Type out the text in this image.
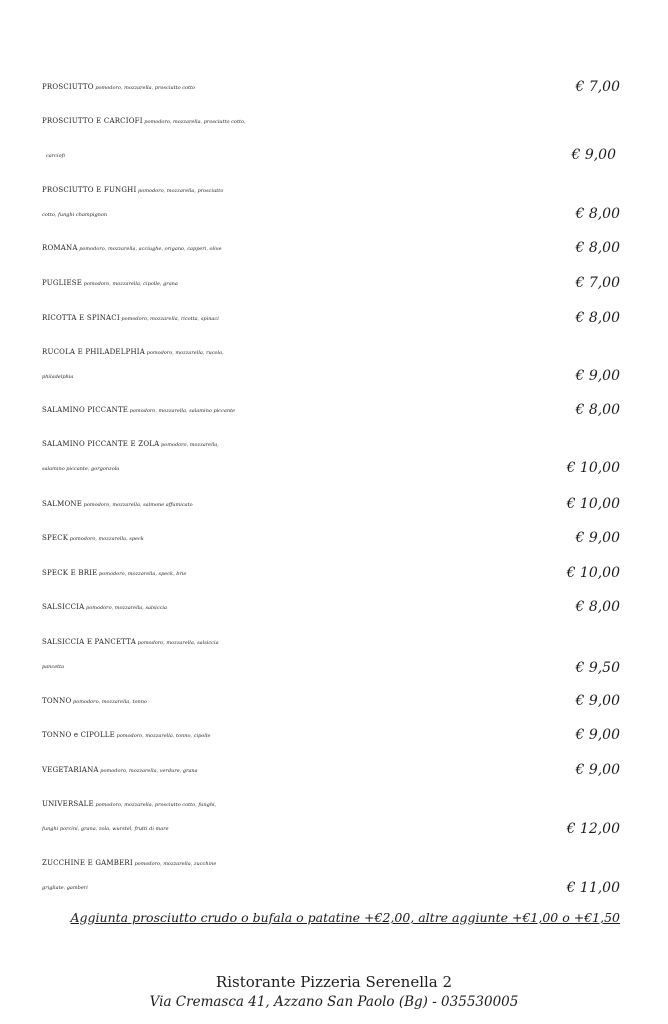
PROSCIUTTO pomodoro, mozzarella, prosciutto cotto	€ 7,00
PROSCIUTTO E CARCIOFI pomodoro, mozzarella, prosciutto cotto,
carciofi	€ 9,00
PROSCIUTTO E FUNGHI pomodoro, mozzarella, prosciutto
cotto, funghi champignon	€ 8,00
ROMANA pomodoro, mozzarella, acciughe, origano, capperi, olive	€ 8,00
PUGLIESE pomodoro, mozzarella, cipolle, grana	€ 7,00
RICOTTA E SPINACI pomodoro, mozzarella, ricotta, spinaci	€ 8,00
RUCOLA E PHILADELPHIA pomodoro, mozzarella, rucola,
philadelphia	€ 9,00
SALAMINO PICCANTE pomodoro, mozzarella, salamino piccante	€ 8,00
SALAMINO PICCANTE E ZOLA pomodoro, mozzarella,
salamino piccante, gorgonzola	€ 10,00
SALMONE pomodoro, mozzarella, salmone affumicato	€ 10,00
SPECK pomodoro, mozzarella, speck	€ 9,00
SPECK E BRIE pomodoro, mozzarella, speck, brie	€ 10,00
SALSICCIA pomodoro, mozzarella, salsiccia	€ 8,00
SALSICCIA E PANCETTA pomodoro, mozzarella, salsiccia
pancetta	€ 9,50
TONNO pomodoro, mozzarella, tonno	€ 9,00
TONNO e CIPOLLE pomodoro, mozzarella, tonno, cipolle	€ 9,00
VEGETARIANA pomodoro, mozzarella, verdure, grana	€ 9,00
UNIVERSALE pomodoro, mozzarella, prosciutto cotto, funghi,
funghi porcini, grana, zola, wurstel, frutti di mare	€ 12,00
ZUCCHINE E GAMBERI pomodoro, mozzarella, zucchine
grigliate, gamberi	€ 11,00
Aggiunta prosciutto crudo o bufala o patatine +€2,00, altre aggiunte +€1,00 o +€1,50
Ristorante Pizzeria Serenella 2
Via Cremasca 41, Azzano San Paolo (Bg) - 035530005
